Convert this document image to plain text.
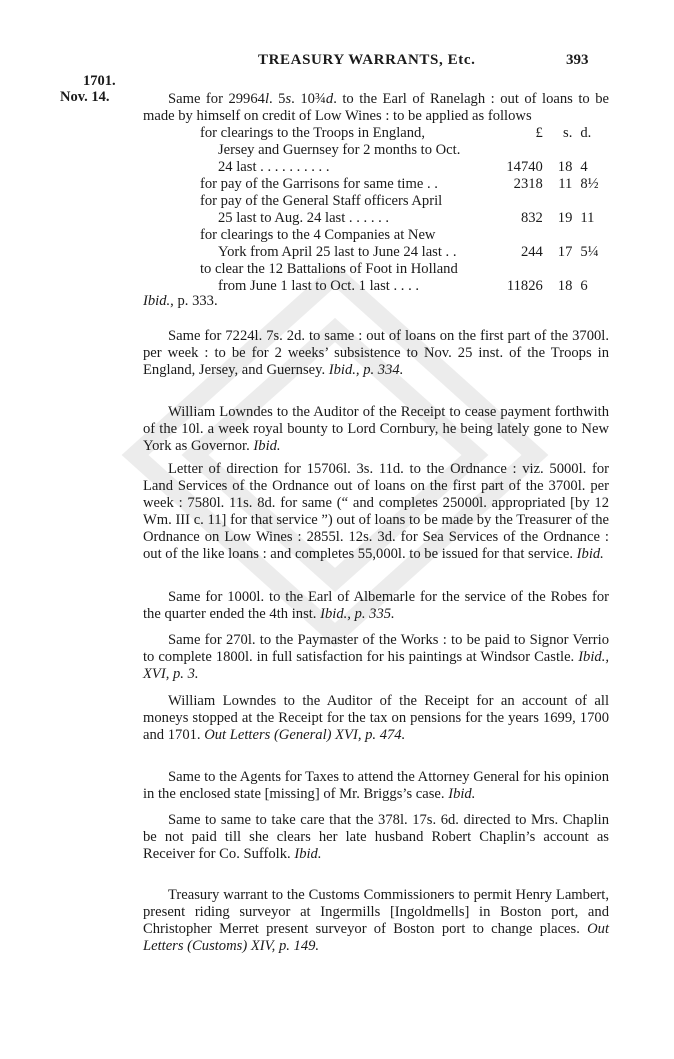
TREASURY WARRANTS, Etc.	393
1701.
Nov. 14.	Same for 29964l. 5s. 10¾d. to the Earl of Ranelagh : out of loans to be made by himself on credit of Low Wines : to be applied as follows

for clearings to the Troops in England,	£	s.	d.

Jersey and Guernsey for 2 months to Oct.			

24 last . . . . . . . . . .	14740	18	4

for pay of the Garrisons for same time . .	2318	11	8½

for pay of the General Staff officers April			

25 last to Aug. 24 last . . . . . .	832	19	11

for clearings to the 4 Companies at New			

York from April 25 last to June 24 last . .	244	17	5¼

to clear the 12 Battalions of Foot in Holland			

from June 1 last to Oct. 1 last . . . .	11826	18	6
Ibid., p. 333.

Same for 7224l. 7s. 2d. to same : out of loans on the first part of the 3700l. per week : to be for 2 weeks’ subsistence to Nov. 25 inst. of the Troops in England, Jersey, and Guernsey. Ibid., p. 334.

William Lowndes to the Auditor of the Receipt to cease payment forthwith of the 10l. a week royal bounty to Lord Cornbury, he being lately gone to New York as Governor. Ibid.

Letter of direction for 15706l. 3s. 11d. to the Ordnance : viz. 5000l. for Land Services of the Ordnance out of loans on the first part of the 3700l. per week : 7580l. 11s. 8d. for same (“ and completes 25000l. appropriated [by 12 Wm. III c. 11] for that service ”) out of loans to be made by the Treasurer of the Ordnance on Low Wines : 2855l. 12s. 3d. for Sea Services of the Ordnance : out of the like loans : and completes 55,000l. to be issued for that service. Ibid.

Same for 1000l. to the Earl of Albemarle for the service of the Robes for the quarter ended the 4th inst. Ibid., p. 335.

Same for 270l. to the Paymaster of the Works : to be paid to Signor Verrio to complete 1800l. in full satisfaction for his paintings at Windsor Castle. Ibid., XVI, p. 3.

William Lowndes to the Auditor of the Receipt for an account of all moneys stopped at the Receipt for the tax on pensions for the years 1699, 1700 and 1701. Out Letters (General) XVI, p. 474.

Same to the Agents for Taxes to attend the Attorney General for his opinion in the enclosed state [missing] of Mr. Briggs’s case. Ibid.

Same to same to take care that the 378l. 17s. 6d. directed to Mrs. Chaplin be not paid till she clears her late husband Robert Chaplin’s account as Receiver for Co. Suffolk. Ibid.

Treasury warrant to the Customs Commissioners to permit Henry Lambert, present riding surveyor at Ingermills [Ingoldmells] in Boston port, and Christopher Merret present surveyor of Boston port to change places. Out Letters (Customs) XIV, p. 149.
